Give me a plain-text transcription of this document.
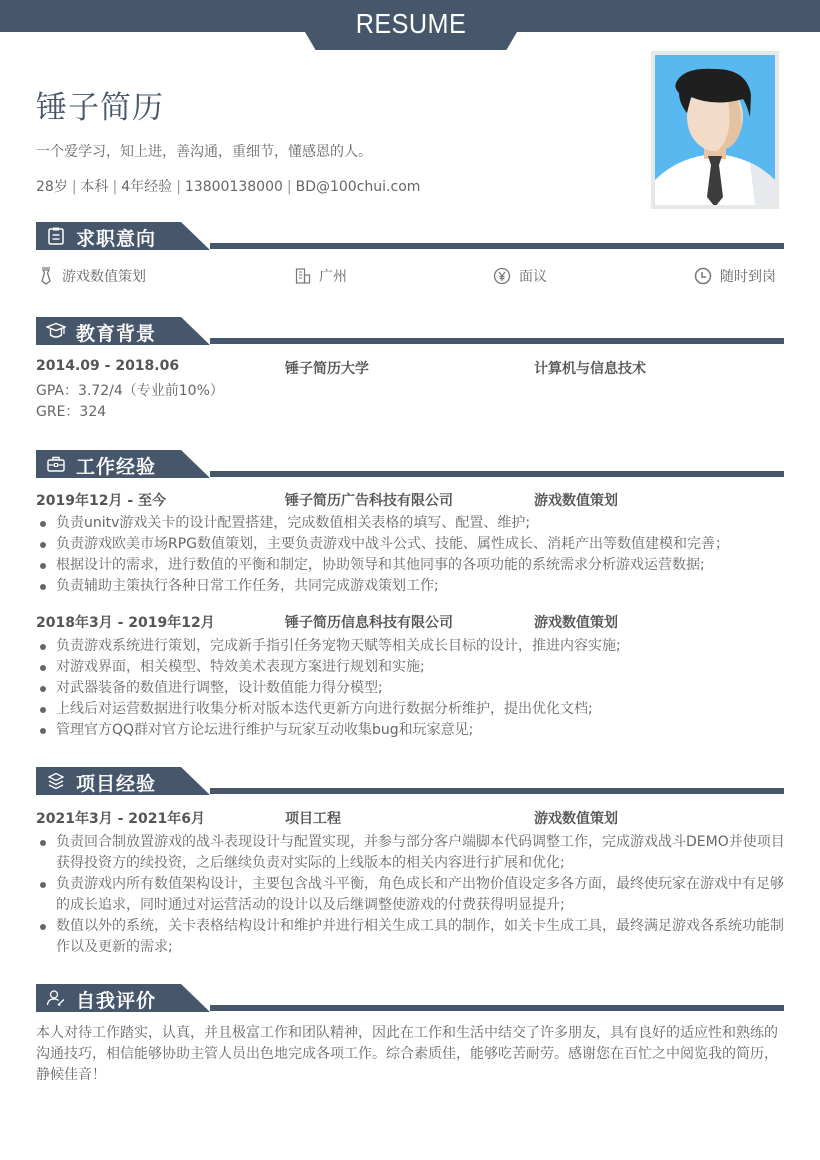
RESUME
锤子简历
一个爱学习，知上进，善沟通，重细节，懂感恩的人。
28岁 | 本科 | 4年经验 | 13800138000 | BD@100chui.com
求职意向
游戏数值策划	广州	面议	随时到岗
教育背景
2014.09 - 2018.06	锤子简历大学	计算机与信息技术
GPA：3.72/4（专业前10%）
GRE：324
工作经验
2019年12月 - 至今	锤子简历广告科技有限公司	游戏数值策划
负责unitv游戏关卡的设计配置搭建，完成数值相关表格的填写、配置、维护;
负责游戏欧美市场RPG数值策划，主要负责游戏中战斗公式、技能、属性成长、消耗产出等数值建模和完善；
根据设计的需求，进行数值的平衡和制定，协助领导和其他同事的各项功能的系统需求分析游戏运营数据;
负责辅助主策执行各种日常工作任务，共同完成游戏策划工作;
2018年3月 - 2019年12月	锤子简历信息科技有限公司	游戏数值策划
负责游戏系统进行策划，完成新手指引任务宠物天赋等相关成长目标的设计，推进内容实施;
对游戏界面，相关模型、特效美术表现方案进行规划和实施;
对武器装备的数值进行调整，设计数值能力得分模型;
上线后对运营数据进行收集分析对版本迭代更新方向进行数据分析维护，提出优化文档;
管理官方QQ群对官方论坛进行维护与玩家互动收集bug和玩家意见;
项目经验
2021年3月 - 2021年6月	项目工程	游戏数值策划
负责回合制放置游戏的战斗表现设计与配置实现，并参与部分客户端脚本代码调整工作，完成游戏战斗DEMO并使项目获得投资方的续投资，之后继续负责对实际的上线版本的相关内容进行扩展和优化;
负责游戏内所有数值架构设计，主要包含战斗平衡，角色成长和产出物价值设定多各方面，最终使玩家在游戏中有足够的成长追求，同时通过对运营活动的设计以及后继调整使游戏的付费获得明显提升;
数值以外的系统，关卡表格结构设计和维护并进行相关生成工具的制作，如关卡生成工具，最终满足游戏各系统功能制作以及更新的需求;
自我评价
本人对待工作踏实，认真，并且极富工作和团队精神，因此在工作和生活中结交了许多朋友，具有良好的适应性和熟练的沟通技巧，相信能够协助主管人员出色地完成各项工作。综合素质佳，能够吃苦耐劳。感谢您在百忙之中阅览我的简历，静候佳音！
